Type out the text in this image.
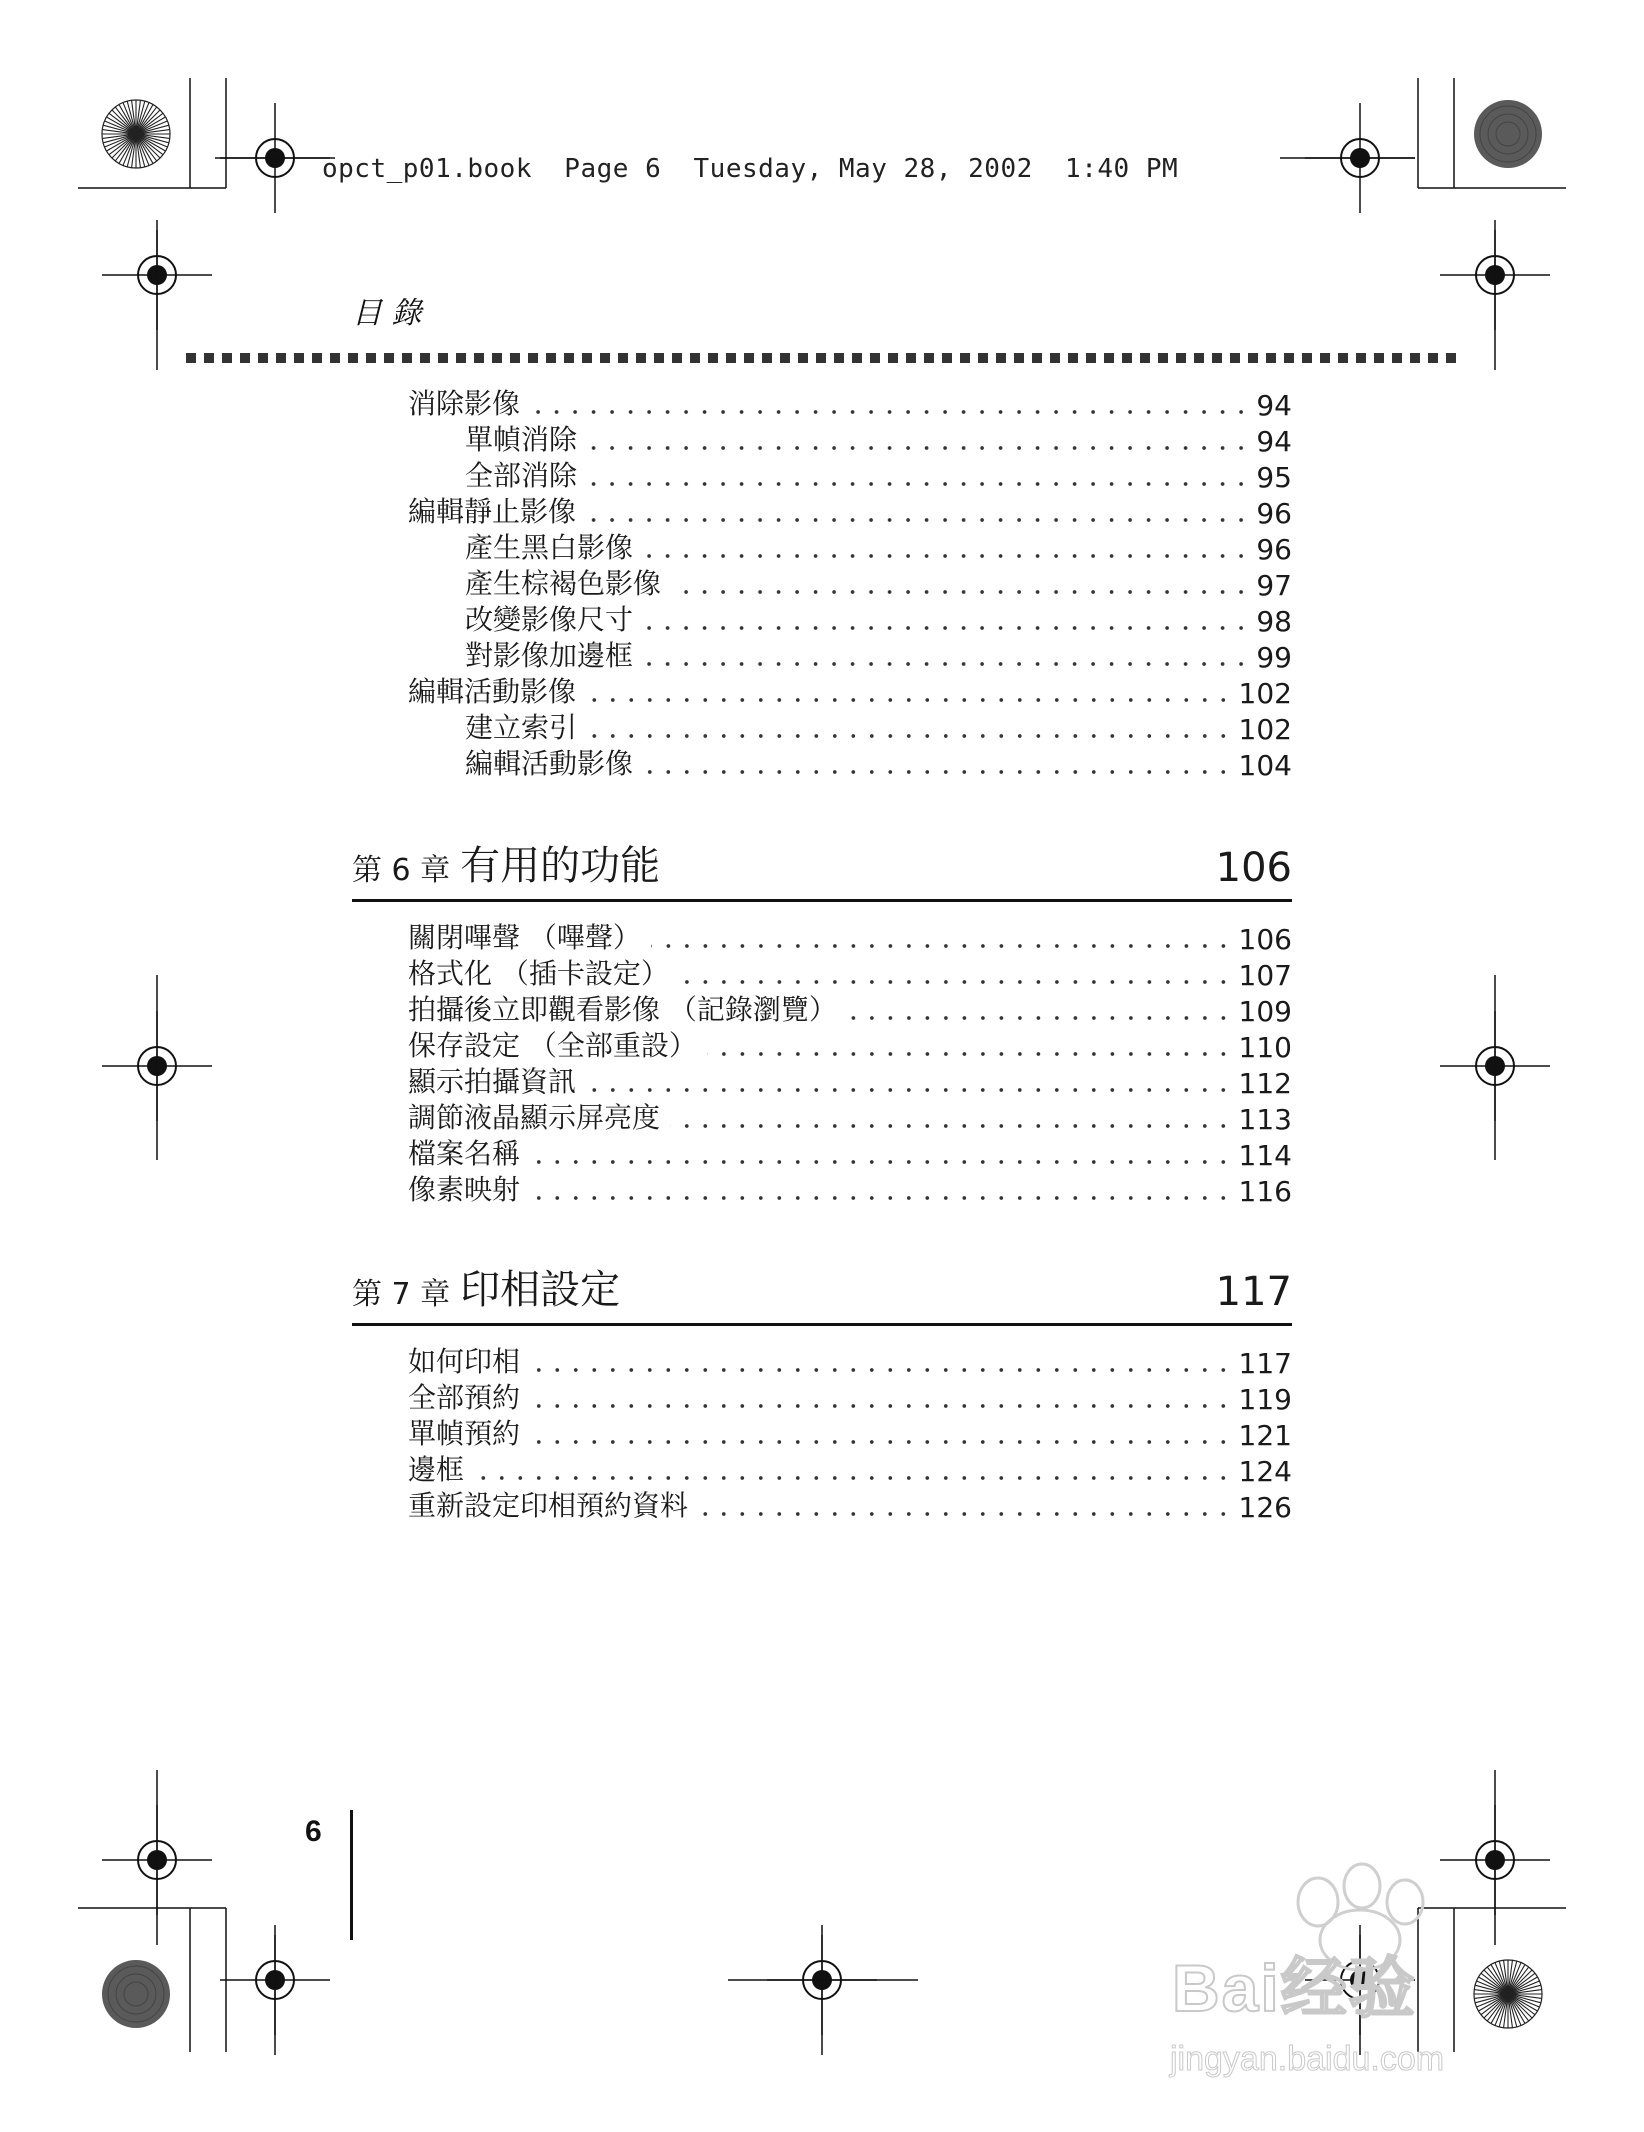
opct_p01.book  Page 6  Tuesday, May 28, 2002  1:40 PM
目 錄
消除影像	94
單幀消除	94
全部消除	95
編輯靜止影像	96
產生黑白影像	96
產生棕褐色影像	97
改變影像尺寸	98
對影像加邊框	99
編輯活動影像	102
建立索引	102
編輯活動影像	104
第 6 章 有用的功能	106
關閉嗶聲 （嗶聲）	106
格式化 （插卡設定）	107
拍攝後立即觀看影像 （記錄瀏覽）	109
保存設定 （全部重設）	110
顯示拍攝資訊	112
調節液晶顯示屏亮度	113
檔案名稱	114
像素映射	116
第 7 章 印相設定	117
如何印相	117
全部預約	119
單幀預約	121
邊框	124
重新設定印相預約資料	126
6
Bai经验
jingyan.baidu.com
